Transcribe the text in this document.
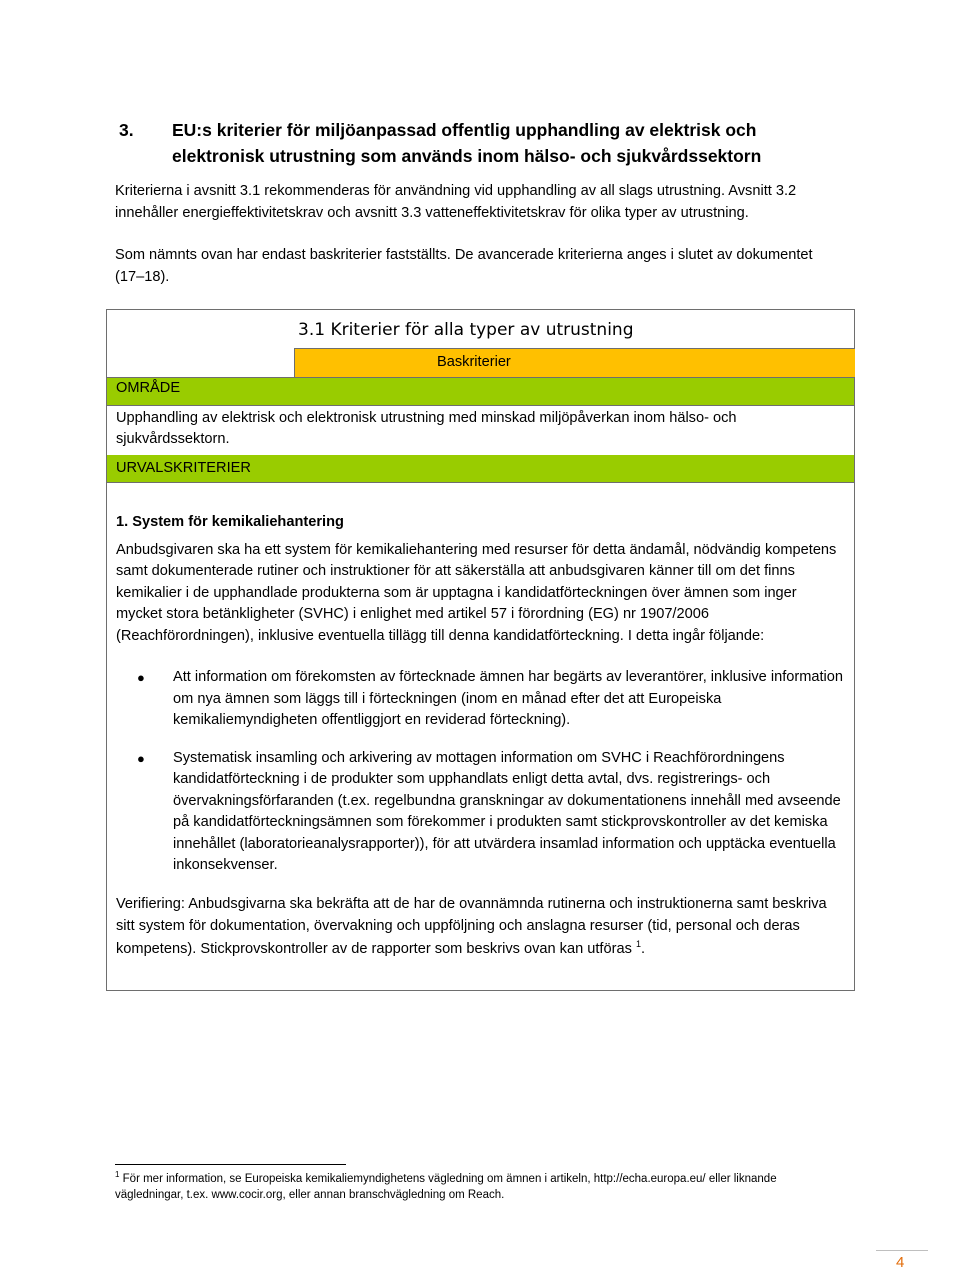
3. EU:s kriterier för miljöanpassad offentlig upphandling av elektrisk och elektronisk utrustning som används inom hälso- och sjukvårdssektorn
Kriterierna i avsnitt 3.1 rekommenderas för användning vid upphandling av all slags utrustning. Avsnitt 3.2 innehåller energieffektivitetskrav och avsnitt 3.3 vatteneffektivitetskrav för olika typer av utrustning.
Som nämnts ovan har endast baskriterier fastställts. De avancerade kriterierna anges i slutet av dokumentet (17–18).
3.1 Kriterier för alla typer av utrustning
Baskriterier
OMRÅDE
Upphandling av elektrisk och elektronisk utrustning med minskad miljöpåverkan inom hälso- och sjukvårdssektorn.
URVALSKRITERIER

1. System för kemikaliehantering

Anbudsgivaren ska ha ett system för kemikaliehantering med resurser för detta ändamål, nödvändig kompetens samt dokumenterade rutiner och instruktioner för att säkerställa att anbudsgivaren känner till om det finns kemikalier i de upphandlade produkterna som är upptagna i kandidatförteckningen över ämnen som inger mycket stora betänkligheter (SVHC) i enlighet med artikel 57 i förordning (EG) nr 1907/2006 (Reachförordningen), inklusive eventuella tillägg till denna kandidatförteckning. I detta ingår följande:

● Att information om förekomsten av förtecknade ämnen har begärts av leverantörer, inklusive information om nya ämnen som läggs till i förteckningen (inom en månad efter det att Europeiska kemikaliemyndigheten offentliggjort en reviderad förteckning).
● Systematisk insamling och arkivering av mottagen information om SVHC i Reachförordningens kandidatförteckning i de produkter som upphandlats enligt detta avtal, dvs. registrerings- och övervakningsförfaranden (t.ex. regelbundna granskningar av dokumentationens innehåll med avseende på kandidatförteckningsämnen som förekommer i produkten samt stickprovskontroller av det kemiska innehållet (laboratorieanalysrapporter)), för att utvärdera insamlad information och upptäcka eventuella inkonsekvenser.

Verifiering: Anbudsgivarna ska bekräfta att de har de ovannämnda rutinerna och instruktionerna samt beskriva sitt system för dokumentation, övervakning och uppföljning och anslagna resurser (tid, personal och deras kompetens). Stickprovskontroller av de rapporter som beskrivs ovan kan utföras $^1$.

$^1$ För mer information, se Europeiska kemikaliemyndighetens vägledning om ämnen i artikeln, http://echa.europa.eu/ eller liknande vägledningar, t.ex. www.cocir.org, eller annan branschvägledning om Reach.
4
